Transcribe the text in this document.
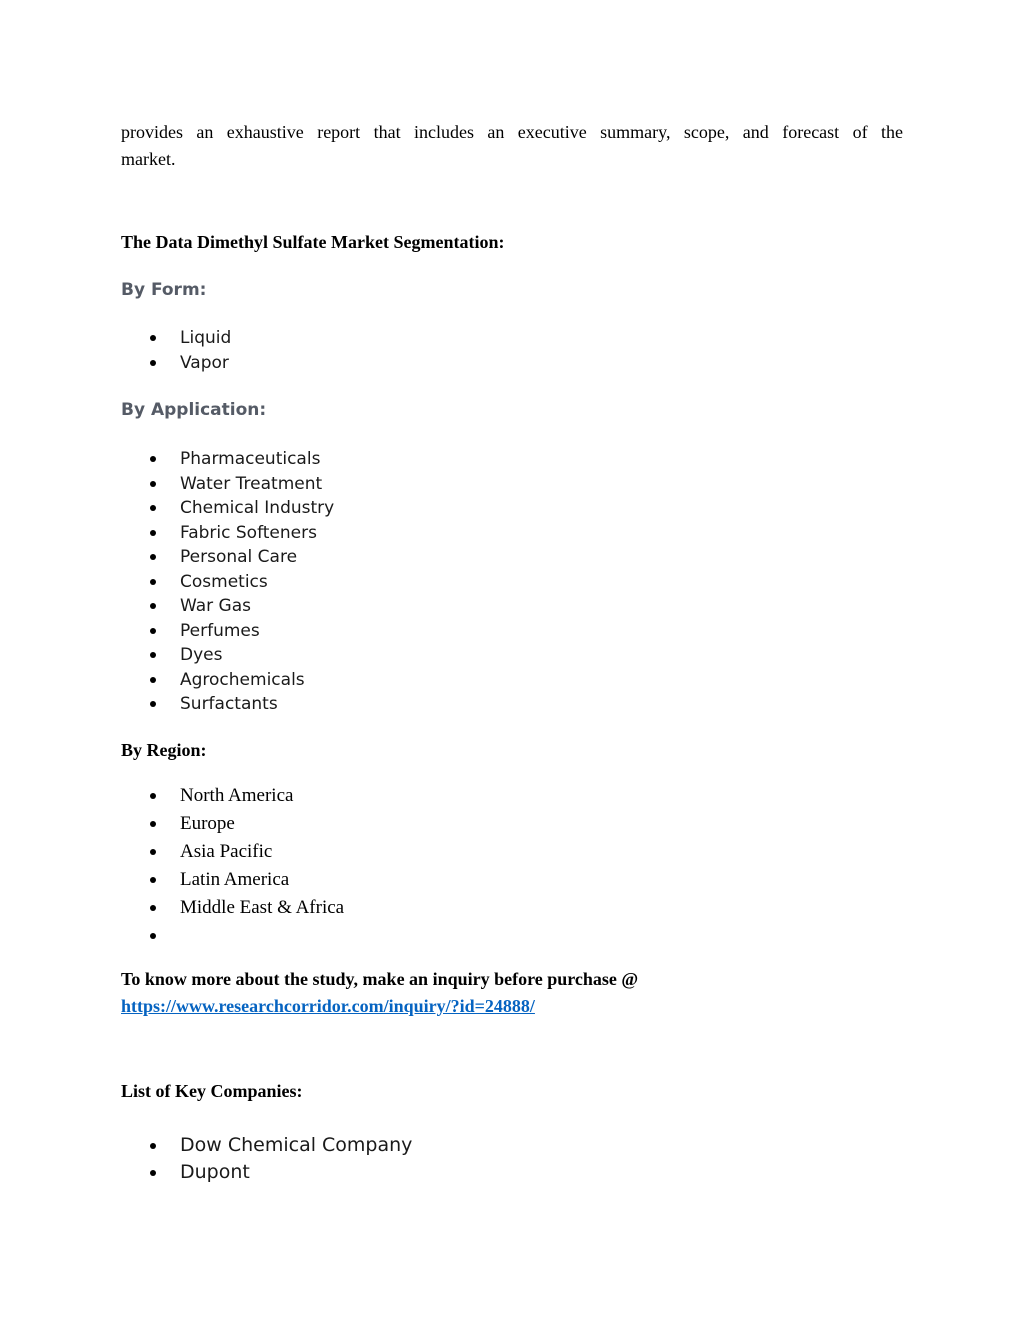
provides an exhaustive report that includes an executive summary, scope, and forecast of the
market.
The Data Dimethyl Sulfate Market Segmentation:
By Form:
Liquid
Vapor
By Application:
Pharmaceuticals
Water Treatment
Chemical Industry
Fabric Softeners
Personal Care
Cosmetics
War Gas
Perfumes
Dyes
Agrochemicals
Surfactants
By Region:
North America
Europe
Asia Pacific
Latin America
Middle East & Africa

To know more about the study, make an inquiry before purchase @
https://www.researchcorridor.com/inquiry/?id=24888/
List of Key Companies:
Dow Chemical Company
Dupont
